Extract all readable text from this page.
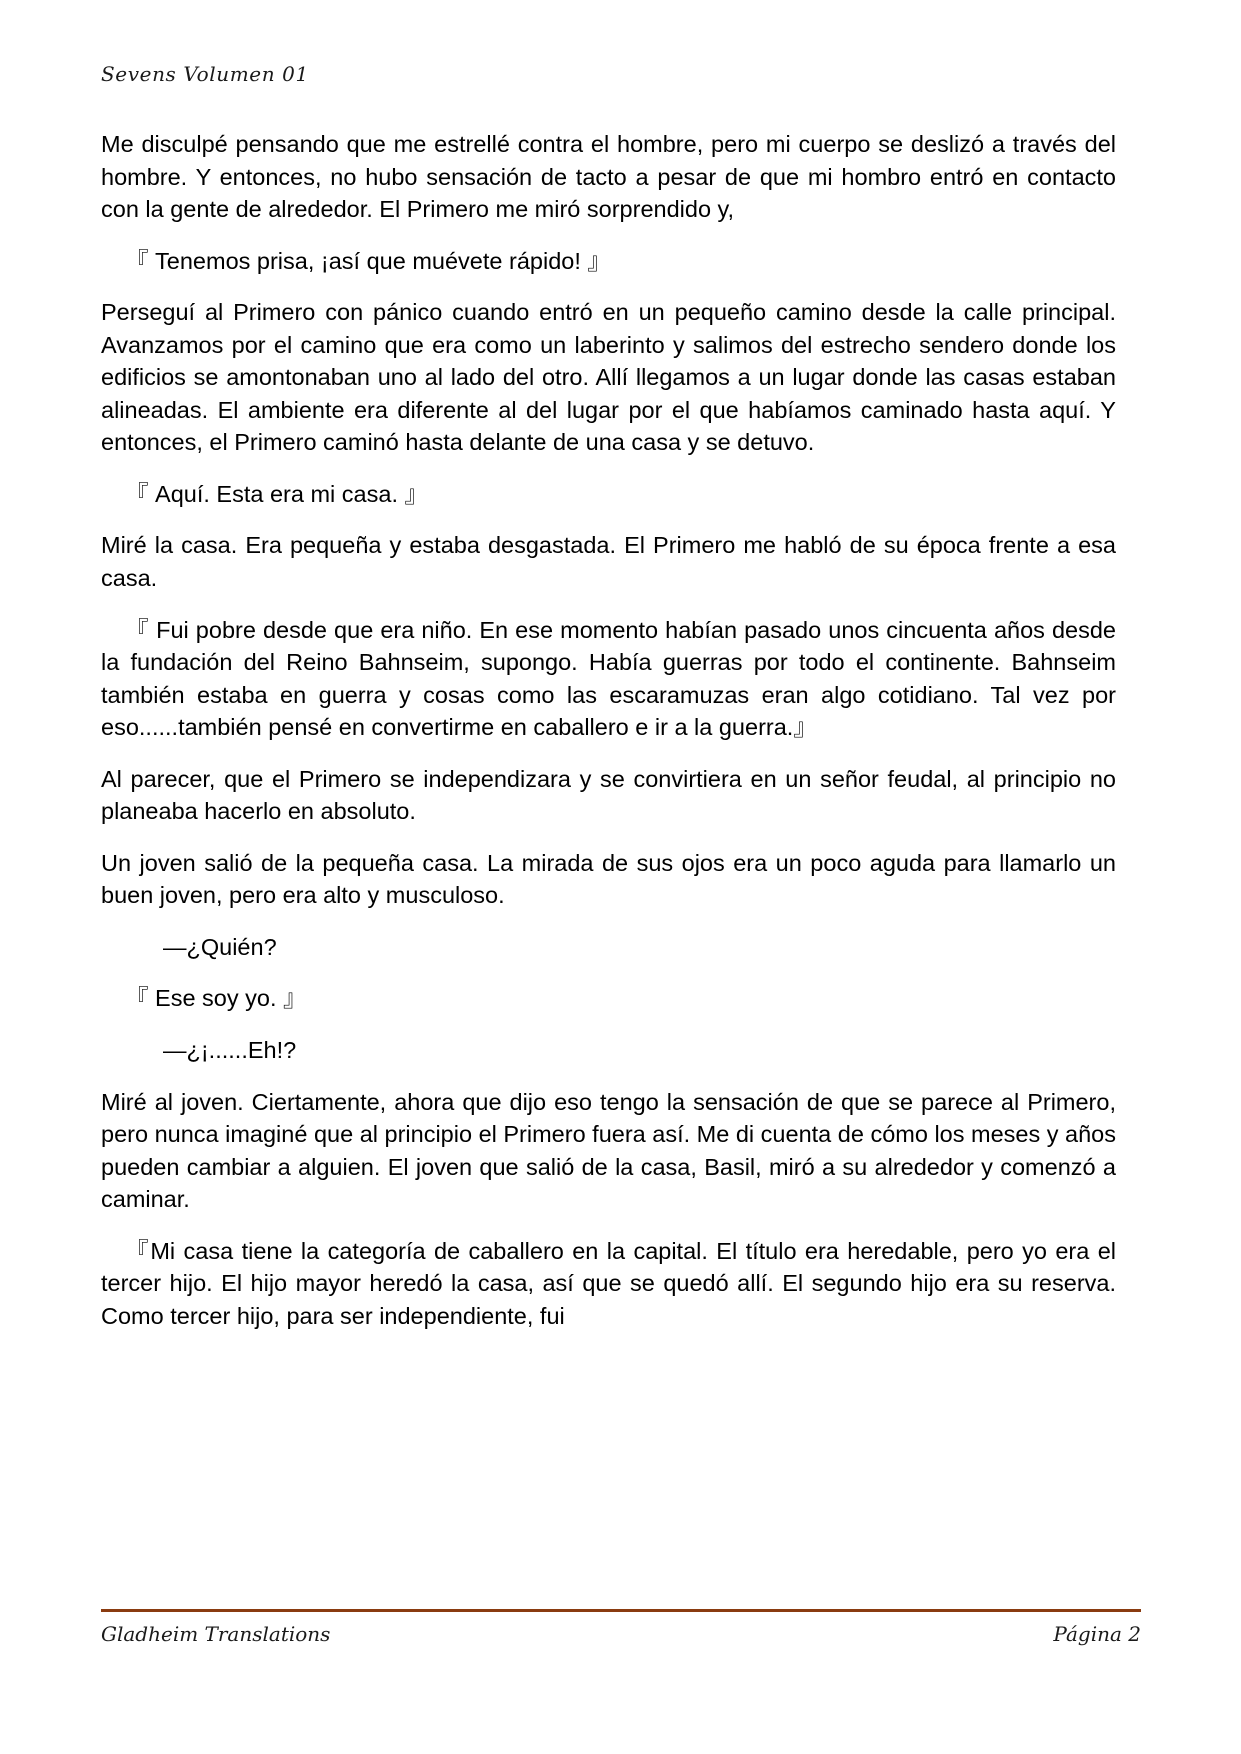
Sevens Volumen 01

Me disculpé pensando que me estrellé contra el hombre, pero mi cuerpo se deslizó a través del hombre. Y entonces, no hubo sensación de tacto a pesar de que mi hombro entró en contacto con la gente de alrededor. El Primero me miró sorprendido y,

『 Tenemos prisa, ¡así que muévete rápido! 』

Perseguí al Primero con pánico cuando entró en un pequeño camino desde la calle principal. Avanzamos por el camino que era como un laberinto y salimos del estrecho sendero donde los edificios se amontonaban uno al lado del otro. Allí llegamos a un lugar donde las casas estaban alineadas. El ambiente era diferente al del lugar por el que habíamos caminado hasta aquí. Y entonces, el Primero caminó hasta delante de una casa y se detuvo.

『 Aquí. Esta era mi casa. 』

Miré la casa. Era pequeña y estaba desgastada. El Primero me habló de su época frente a esa casa.

『 Fui pobre desde que era niño. En ese momento habían pasado unos cincuenta años desde la fundación del Reino Bahnseim, supongo. Había guerras por todo el continente. Bahnseim también estaba en guerra y cosas como las escaramuzas eran algo cotidiano. Tal vez por eso......también pensé en convertirme en caballero e ir a la guerra.』

Al parecer, que el Primero se independizara y se convirtiera en un señor feudal, al principio no planeaba hacerlo en absoluto.

Un joven salió de la pequeña casa. La mirada de sus ojos era un poco aguda para llamarlo un buen joven, pero era alto y musculoso.

—¿Quién?

『 Ese soy yo. 』

—¿¡......Eh!?

Miré al joven. Ciertamente, ahora que dijo eso tengo la sensación de que se parece al Primero, pero nunca imaginé que al principio el Primero fuera así. Me di cuenta de cómo los meses y años pueden cambiar a alguien. El joven que salió de la casa, Basil, miró a su alrededor y comenzó a caminar.

『Mi casa tiene la categoría de caballero en la capital. El título era heredable, pero yo era el tercer hijo. El hijo mayor heredó la casa, así que se quedó allí. El segundo hijo era su reserva. Como tercer hijo, para ser independiente, fui

Gladheim Translations	Página 2
